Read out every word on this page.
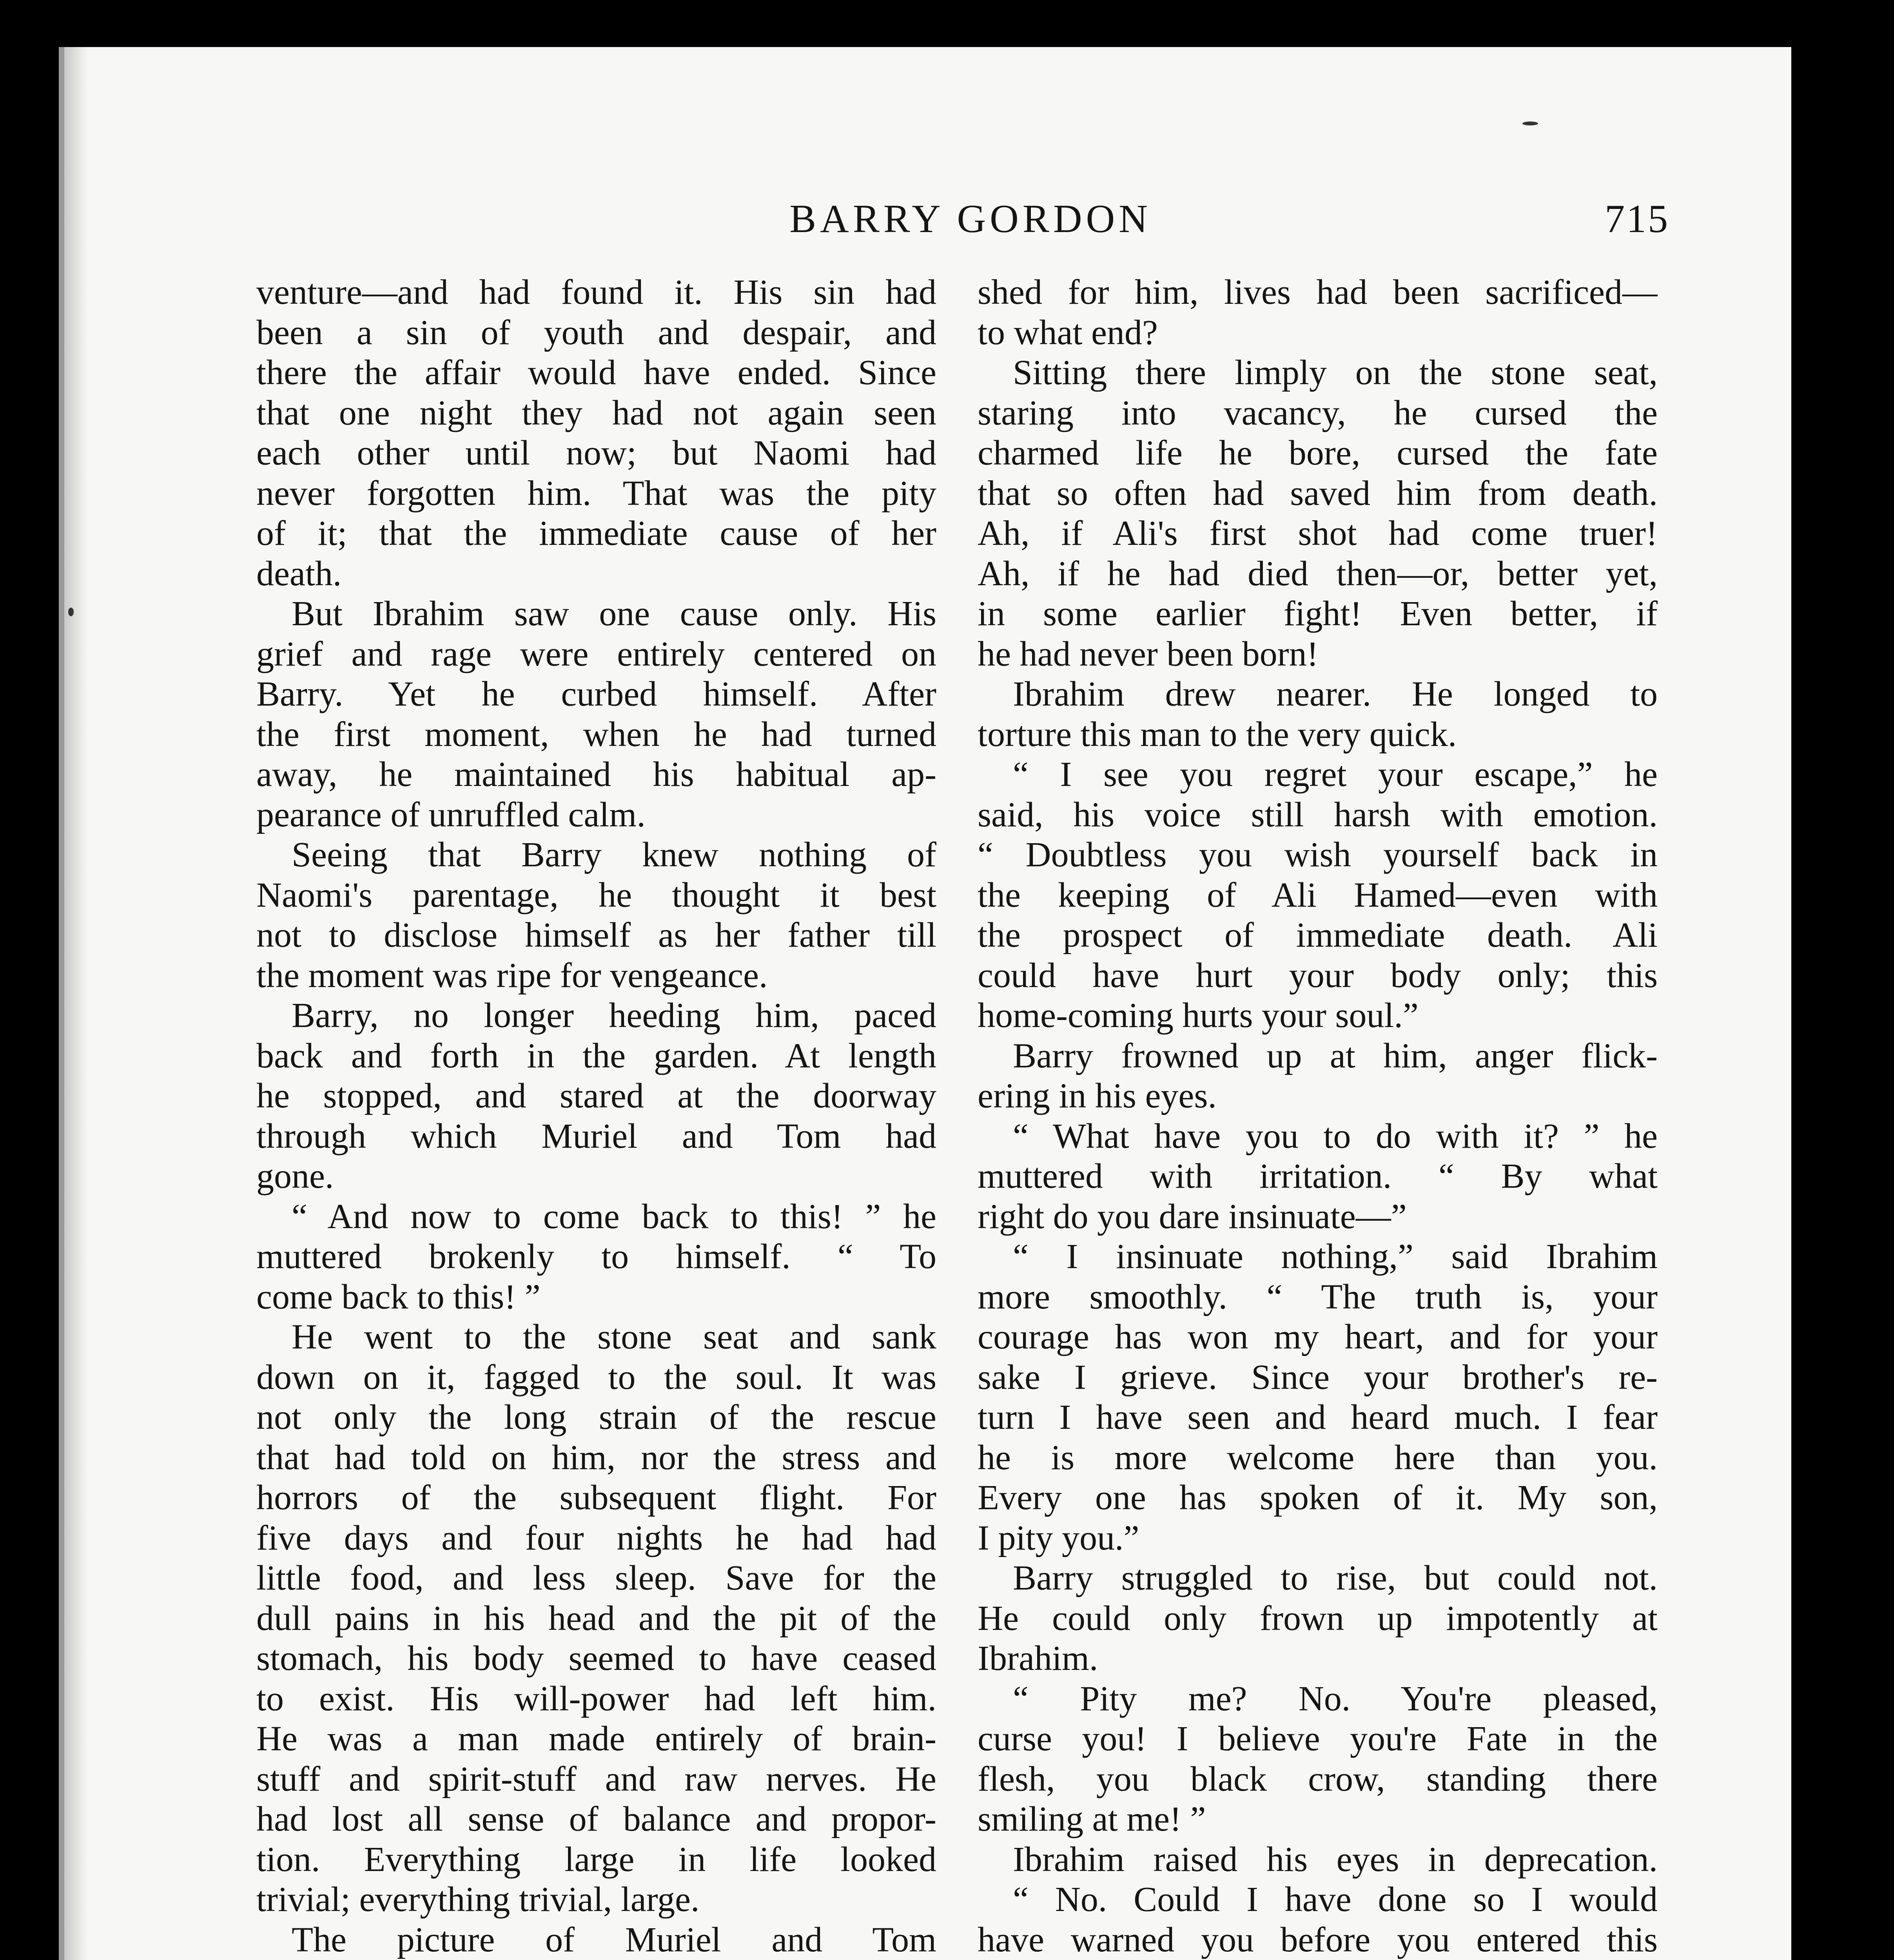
BARRY GORDON	715
venture—and had found it. His sin had
been a sin of youth and despair, and
there the affair would have ended. Since
that one night they had not again seen
each other until now; but Naomi had
never forgotten him. That was the pity
of it; that the immediate cause of her
death.
But Ibrahim saw one cause only. His
grief and rage were entirely centered on
Barry. Yet he curbed himself. After
the first moment, when he had turned
away, he maintained his habitual ap-
pearance of unruffled calm.
Seeing that Barry knew nothing of
Naomi's parentage, he thought it best
not to disclose himself as her father till
the moment was ripe for vengeance.
Barry, no longer heeding him, paced
back and forth in the garden. At length
he stopped, and stared at the doorway
through which Muriel and Tom had
gone.
“ And now to come back to this! ” he
muttered brokenly to himself. “ To
come back to this! ”
He went to the stone seat and sank
down on it, fagged to the soul. It was
not only the long strain of the rescue
that had told on him, nor the stress and
horrors of the subsequent flight. For
five days and four nights he had had
little food, and less sleep. Save for the
dull pains in his head and the pit of the
stomach, his body seemed to have ceased
to exist. His will-power had left him.
He was a man made entirely of brain-
stuff and spirit-stuff and raw nerves. He
had lost all sense of balance and propor-
tion. Everything large in life looked
trivial; everything trivial, large.
The picture of Muriel and Tom
shed for him, lives had been sacrificed—
to what end?
Sitting there limply on the stone seat,
staring into vacancy, he cursed the
charmed life he bore, cursed the fate
that so often had saved him from death.
Ah, if Ali's first shot had come truer!
Ah, if he had died then—or, better yet,
in some earlier fight! Even better, if
he had never been born!
Ibrahim drew nearer. He longed to
torture this man to the very quick.
“ I see you regret your escape,” he
said, his voice still harsh with emotion.
“ Doubtless you wish yourself back in
the keeping of Ali Hamed—even with
the prospect of immediate death. Ali
could have hurt your body only; this
home-coming hurts your soul.”
Barry frowned up at him, anger flick-
ering in his eyes.
“ What have you to do with it? ” he
muttered with irritation. “ By what
right do you dare insinuate—”
“ I insinuate nothing,” said Ibrahim
more smoothly. “ The truth is, your
courage has won my heart, and for your
sake I grieve. Since your brother's re-
turn I have seen and heard much. I fear
he is more welcome here than you.
Every one has spoken of it. My son,
I pity you.”
Barry struggled to rise, but could not.
He could only frown up impotently at
Ibrahim.
“ Pity me? No. You're pleased,
curse you! I believe you're Fate in the
flesh, you black crow, standing there
smiling at me! ”
Ibrahim raised his eyes in deprecation.
“ No. Could I have done so I would
have warned you before you entered this
